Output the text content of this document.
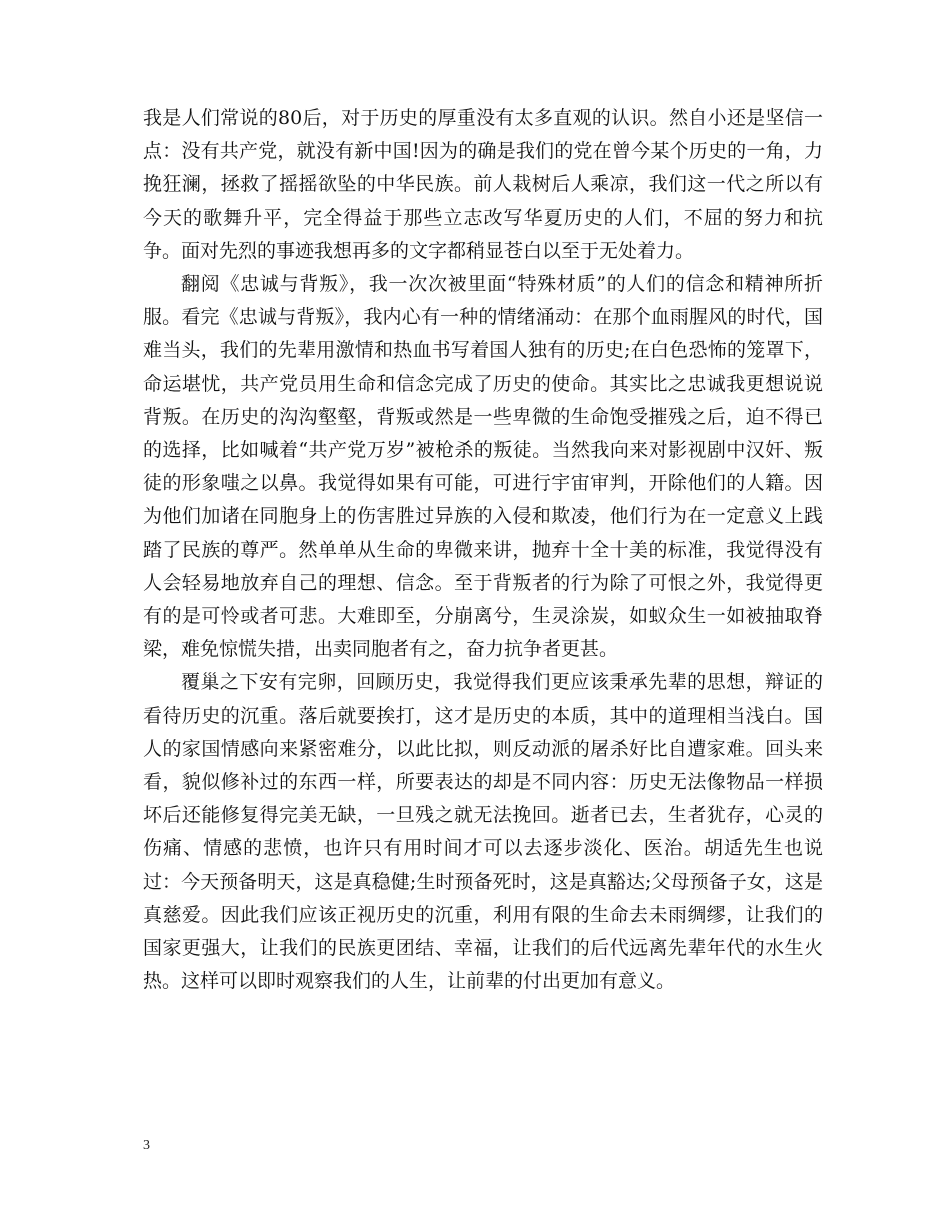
我是人们常说的80后，对于历史的厚重没有太多直观的认识。然自小还是坚信一点：没有共产党，就没有新中国!因为的确是我们的党在曾今某个历史的一角，力挽狂澜，拯救了摇摇欲坠的中华民族。前人栽树后人乘凉，我们这一代之所以有今天的歌舞升平，完全得益于那些立志改写华夏历史的人们，不屈的努力和抗争。面对先烈的事迹我想再多的文字都稍显苍白以至于无处着力。

翻阅《忠诚与背叛》，我一次次被里面“特殊材质”的人们的信念和精神所折服。看完《忠诚与背叛》，我内心有一种的情绪涌动：在那个血雨腥风的时代，国难当头，我们的先辈用激情和热血书写着国人独有的历史;在白色恐怖的笼罩下，命运堪忧，共产党员用生命和信念完成了历史的使命。其实比之忠诚我更想说说背叛。在历史的沟沟壑壑，背叛或然是一些卑微的生命饱受摧残之后，迫不得已的选择，比如喊着“共产党万岁”被枪杀的叛徒。当然我向来对影视剧中汉奸、叛徒的形象嗤之以鼻。我觉得如果有可能，可进行宇宙审判，开除他们的人籍。因为他们加诸在同胞身上的伤害胜过异族的入侵和欺凌，他们行为在一定意义上践踏了民族的尊严。然单单从生命的卑微来讲，抛弃十全十美的标准，我觉得没有人会轻易地放弃自己的理想、信念。至于背叛者的行为除了可恨之外，我觉得更有的是可怜或者可悲。大难即至，分崩离兮，生灵涂炭，如蚁众生一如被抽取脊梁，难免惊慌失措，出卖同胞者有之，奋力抗争者更甚。

覆巢之下安有完卵，回顾历史，我觉得我们更应该秉承先辈的思想，辩证的看待历史的沉重。落后就要挨打，这才是历史的本质，其中的道理相当浅白。国人的家国情感向来紧密难分，以此比拟，则反动派的屠杀好比自遭家难。回头来看，貌似修补过的东西一样，所要表达的却是不同内容：历史无法像物品一样损坏后还能修复得完美无缺，一旦残之就无法挽回。逝者已去，生者犹存，心灵的伤痛、情感的悲愤，也许只有用时间才可以去逐步淡化、医治。胡适先生也说过：今天预备明天，这是真稳健;生时预备死时，这是真豁达;父母预备子女，这是真慈爱。因此我们应该正视历史的沉重，利用有限的生命去未雨绸缪，让我们的国家更强大，让我们的民族更团结、幸福，让我们的后代远离先辈年代的水生火热。这样可以即时观察我们的人生，让前辈的付出更加有意义。

3
